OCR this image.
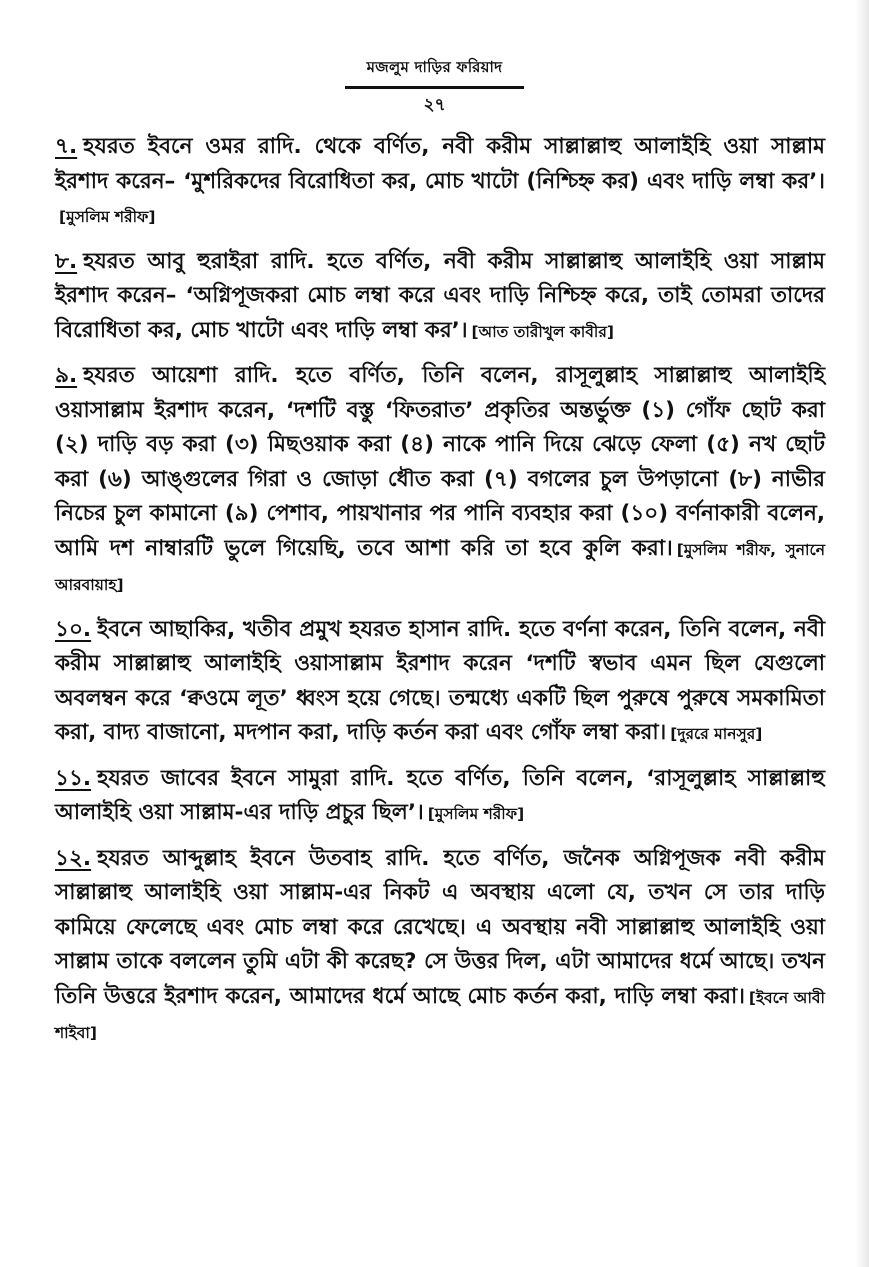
মজলুম দাড়ির ফরিয়াদ
২৭

৭. হযরত ইবনে ওমর রাদি. থেকে বর্ণিত, নবী করীম সাল্লাল্লাহু আলাইহি ওয়া সাল্লাম ইরশাদ করেন– ‘মুশরিকদের বিরোধিতা কর, মোচ খাটো (নিশ্চিহ্ন কর) এবং দাড়ি লম্বা কর’।[মুসলিম শরীফ]

৮. হযরত আবু হুরাইরা রাদি. হতে বর্ণিত, নবী করীম সাল্লাল্লাহু আলাইহি ওয়া সাল্লাম ইরশাদ করেন– ‘অগ্নিপূজকরা মোচ লম্বা করে এবং দাড়ি নিশ্চিহ্ন করে, তাই তোমরা তাদের বিরোধিতা কর, মোচ খাটো এবং দাড়ি লম্বা কর’। [আত তারীখুল কাবীর]

৯. হযরত আয়েশা রাদি. হতে বর্ণিত, তিনি বলেন, রাসূলুল্লাহ সাল্লাল্লাহু আলাইহি ওয়াসাল্লাম ইরশাদ করেন, ‘দশটি বস্তু ‘ফিতরাত’ প্রকৃতির অন্তর্ভুক্ত (১) গোঁফ ছোট করা (২) দাড়ি বড় করা (৩) মিছওয়াক করা (৪) নাকে পানি দিয়ে ঝেড়ে ফেলা (৫) নখ ছোট করা (৬) আঙ্গুলের গিরা ও জোড়া ধৌত করা (৭) বগলের চুল উপড়ানো (৮) নাভীর নিচের চুল কামানো (৯) পেশাব, পায়খানার পর পানি ব্যবহার করা (১০) বর্ণনাকারী বলেন, আমি দশ নাম্বারটি ভুলে গিয়েছি, তবে আশা করি তা হবে কুলি করা। [মুসলিম শরীফ, সুনানে আরবায়াহ]

১০. ইবনে আছাকির, খতীব প্রমুখ হযরত হাসান রাদি. হতে বর্ণনা করেন, তিনি বলেন, নবী করীম সাল্লাল্লাহু আলাইহি ওয়াসাল্লাম ইরশাদ করেন ‘দশটি স্বভাব এমন ছিল যেগুলো অবলম্বন করে ‘ক্বওমে লূত’ ধ্বংস হয়ে গেছে। তন্মধ্যে একটি ছিল পুরুষে পুরুষে সমকামিতা করা, বাদ্য বাজানো, মদপান করা, দাড়ি কর্তন করা এবং গোঁফ লম্বা করা। [দুররে মানসুর]

১১. হযরত জাবের ইবনে সামুরা রাদি. হতে বর্ণিত, তিনি বলেন, ‘রাসূলুল্লাহ সাল্লাল্লাহু আলাইহি ওয়া সাল্লাম-এর দাড়ি প্রচুর ছিল’। [মুসলিম শরীফ]

১২. হযরত আব্দুল্লাহ ইবনে উতবাহ রাদি. হতে বর্ণিত, জনৈক অগ্নিপূজক নবী করীম সাল্লাল্লাহু আলাইহি ওয়া সাল্লাম-এর নিকট এ অবস্থায় এলো যে, তখন সে তার দাড়ি কামিয়ে ফেলেছে এবং মোচ লম্বা করে রেখেছে। এ অবস্থায় নবী সাল্লাল্লাহু আলাইহি ওয়া সাল্লাম তাকে বললেন তুমি এটা কী করেছ? সে উত্তর দিল, এটা আমাদের ধর্মে আছে। তখন তিনি উত্তরে ইরশাদ করেন, আমাদের ধর্মে আছে মোচ কর্তন করা, দাড়ি লম্বা করা। [ইবনে আবী শাইবা]
